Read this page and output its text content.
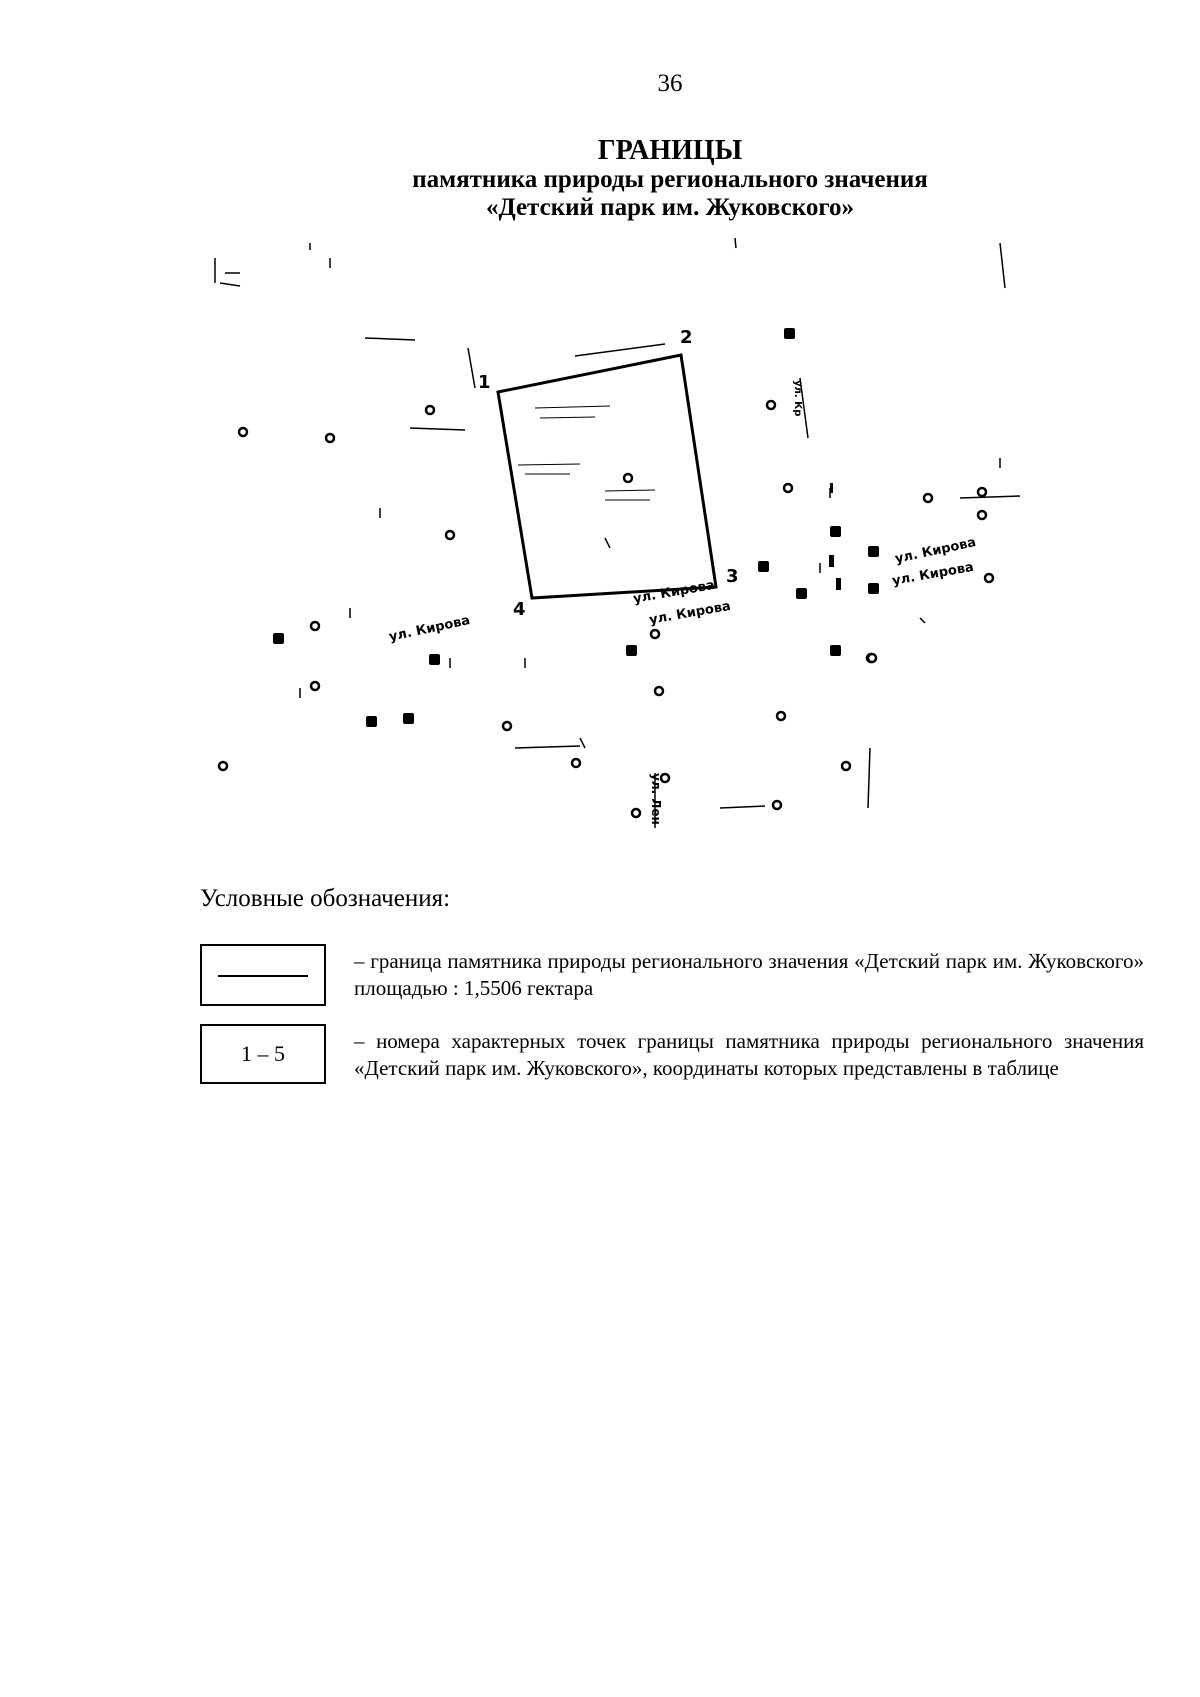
36
ГРАНИЦЫ
памятника природы регионального значения
«Детский парк им. Жуковского»
1
2
3
4
ул. Кирова
ул. Кирова
ул. Кирова
ул. Кирова
ул. Кирова
ул. Лен
ул. Кр
Условные обозначения:
– граница памятника природы регионального значения «Детский парк им. Жуковского» площадью : 1,5506 гектара
1 – 5	– номера характерных точек границы памятника природы регионального значения «Детский парк им. Жуковского», координаты которых представлены в таблице
